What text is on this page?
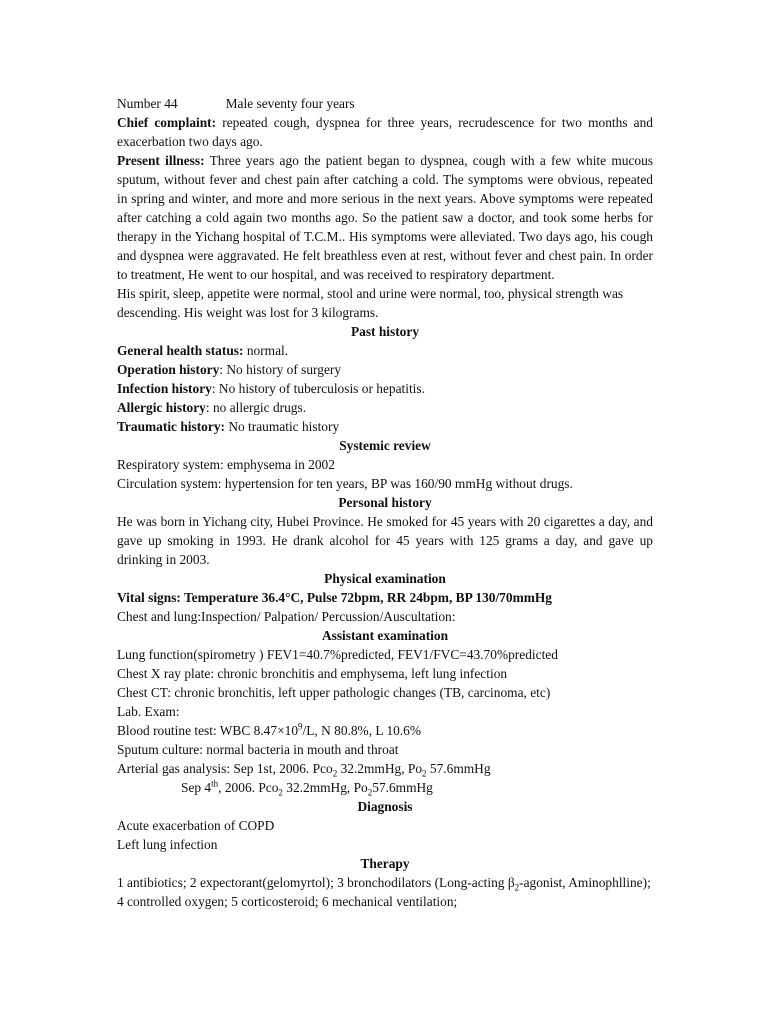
Number 44	Male seventy four years

Chief complaint: repeated cough, dyspnea for three years, recrudescence for two months and exacerbation two days ago.

Present illness: Three years ago the patient began to dyspnea, cough with a few white mucous sputum, without fever and chest pain after catching a cold. The symptoms were obvious, repeated in spring and winter, and more and more serious in the next years. Above symptoms were repeated after catching a cold again two months ago. So the patient saw a doctor, and took some herbs for therapy in the Yichang hospital of T.C.M.. His symptoms were alleviated. Two days ago, his cough and dyspnea were aggravated. He felt breathless even at rest, without fever and chest pain. In order to treatment, He went to our hospital, and was received to respiratory department.

His spirit, sleep, appetite were normal, stool and urine were normal, too, physical strength was descending. His weight was lost for 3 kilograms.

Past history

General health status: normal.

Operation history: No history of surgery

Infection history: No history of tuberculosis or hepatitis.

Allergic history: no allergic drugs.

Traumatic history: No traumatic history

Systemic review

Respiratory system: emphysema in 2002

Circulation system: hypertension for ten years, BP was 160/90 mmHg without drugs.

Personal history

He was born in Yichang city, Hubei Province. He smoked for 45 years with 20 cigarettes a day, and gave up smoking in 1993. He drank alcohol for 45 years with 125 grams a day, and gave up drinking in 2003.

Physical examination

Vital signs: Temperature 36.4°C, Pulse 72bpm, RR 24bpm, BP 130/70mmHg

Chest and lung:Inspection/ Palpation/ Percussion/Auscultation:

Assistant examination

Lung function(spirometry ) FEV1=40.7%predicted, FEV1/FVC=43.70%predicted

Chest X ray plate: chronic bronchitis and emphysema, left lung infection

Chest CT: chronic bronchitis, left upper pathologic changes (TB, carcinoma, etc)

Lab. Exam:

Blood routine test: WBC $8.47\times 10^9/L$, N 80.8%, L 10.6%

Sputum culture: normal bacteria in mouth and throat

Arterial gas analysis: Sep 1st, 2006. Pco$_2$ 32.2mmHg, $Po_2$ 57.6mmHg

Sep 4th, 2006. Pco$_2$ 32.2mmHg, $Po_257.6mmHg$

Diagnosis

Acute exacerbation of COPD

Left lung infection

Therapy

1 antibiotics; 2 expectorant(gelomyrtol); 3 bronchodilators (Long-acting $\beta_2$-agonist, Aminophlline); 4 controlled oxygen; 5 corticosteroid; 6 mechanical ventilation;
